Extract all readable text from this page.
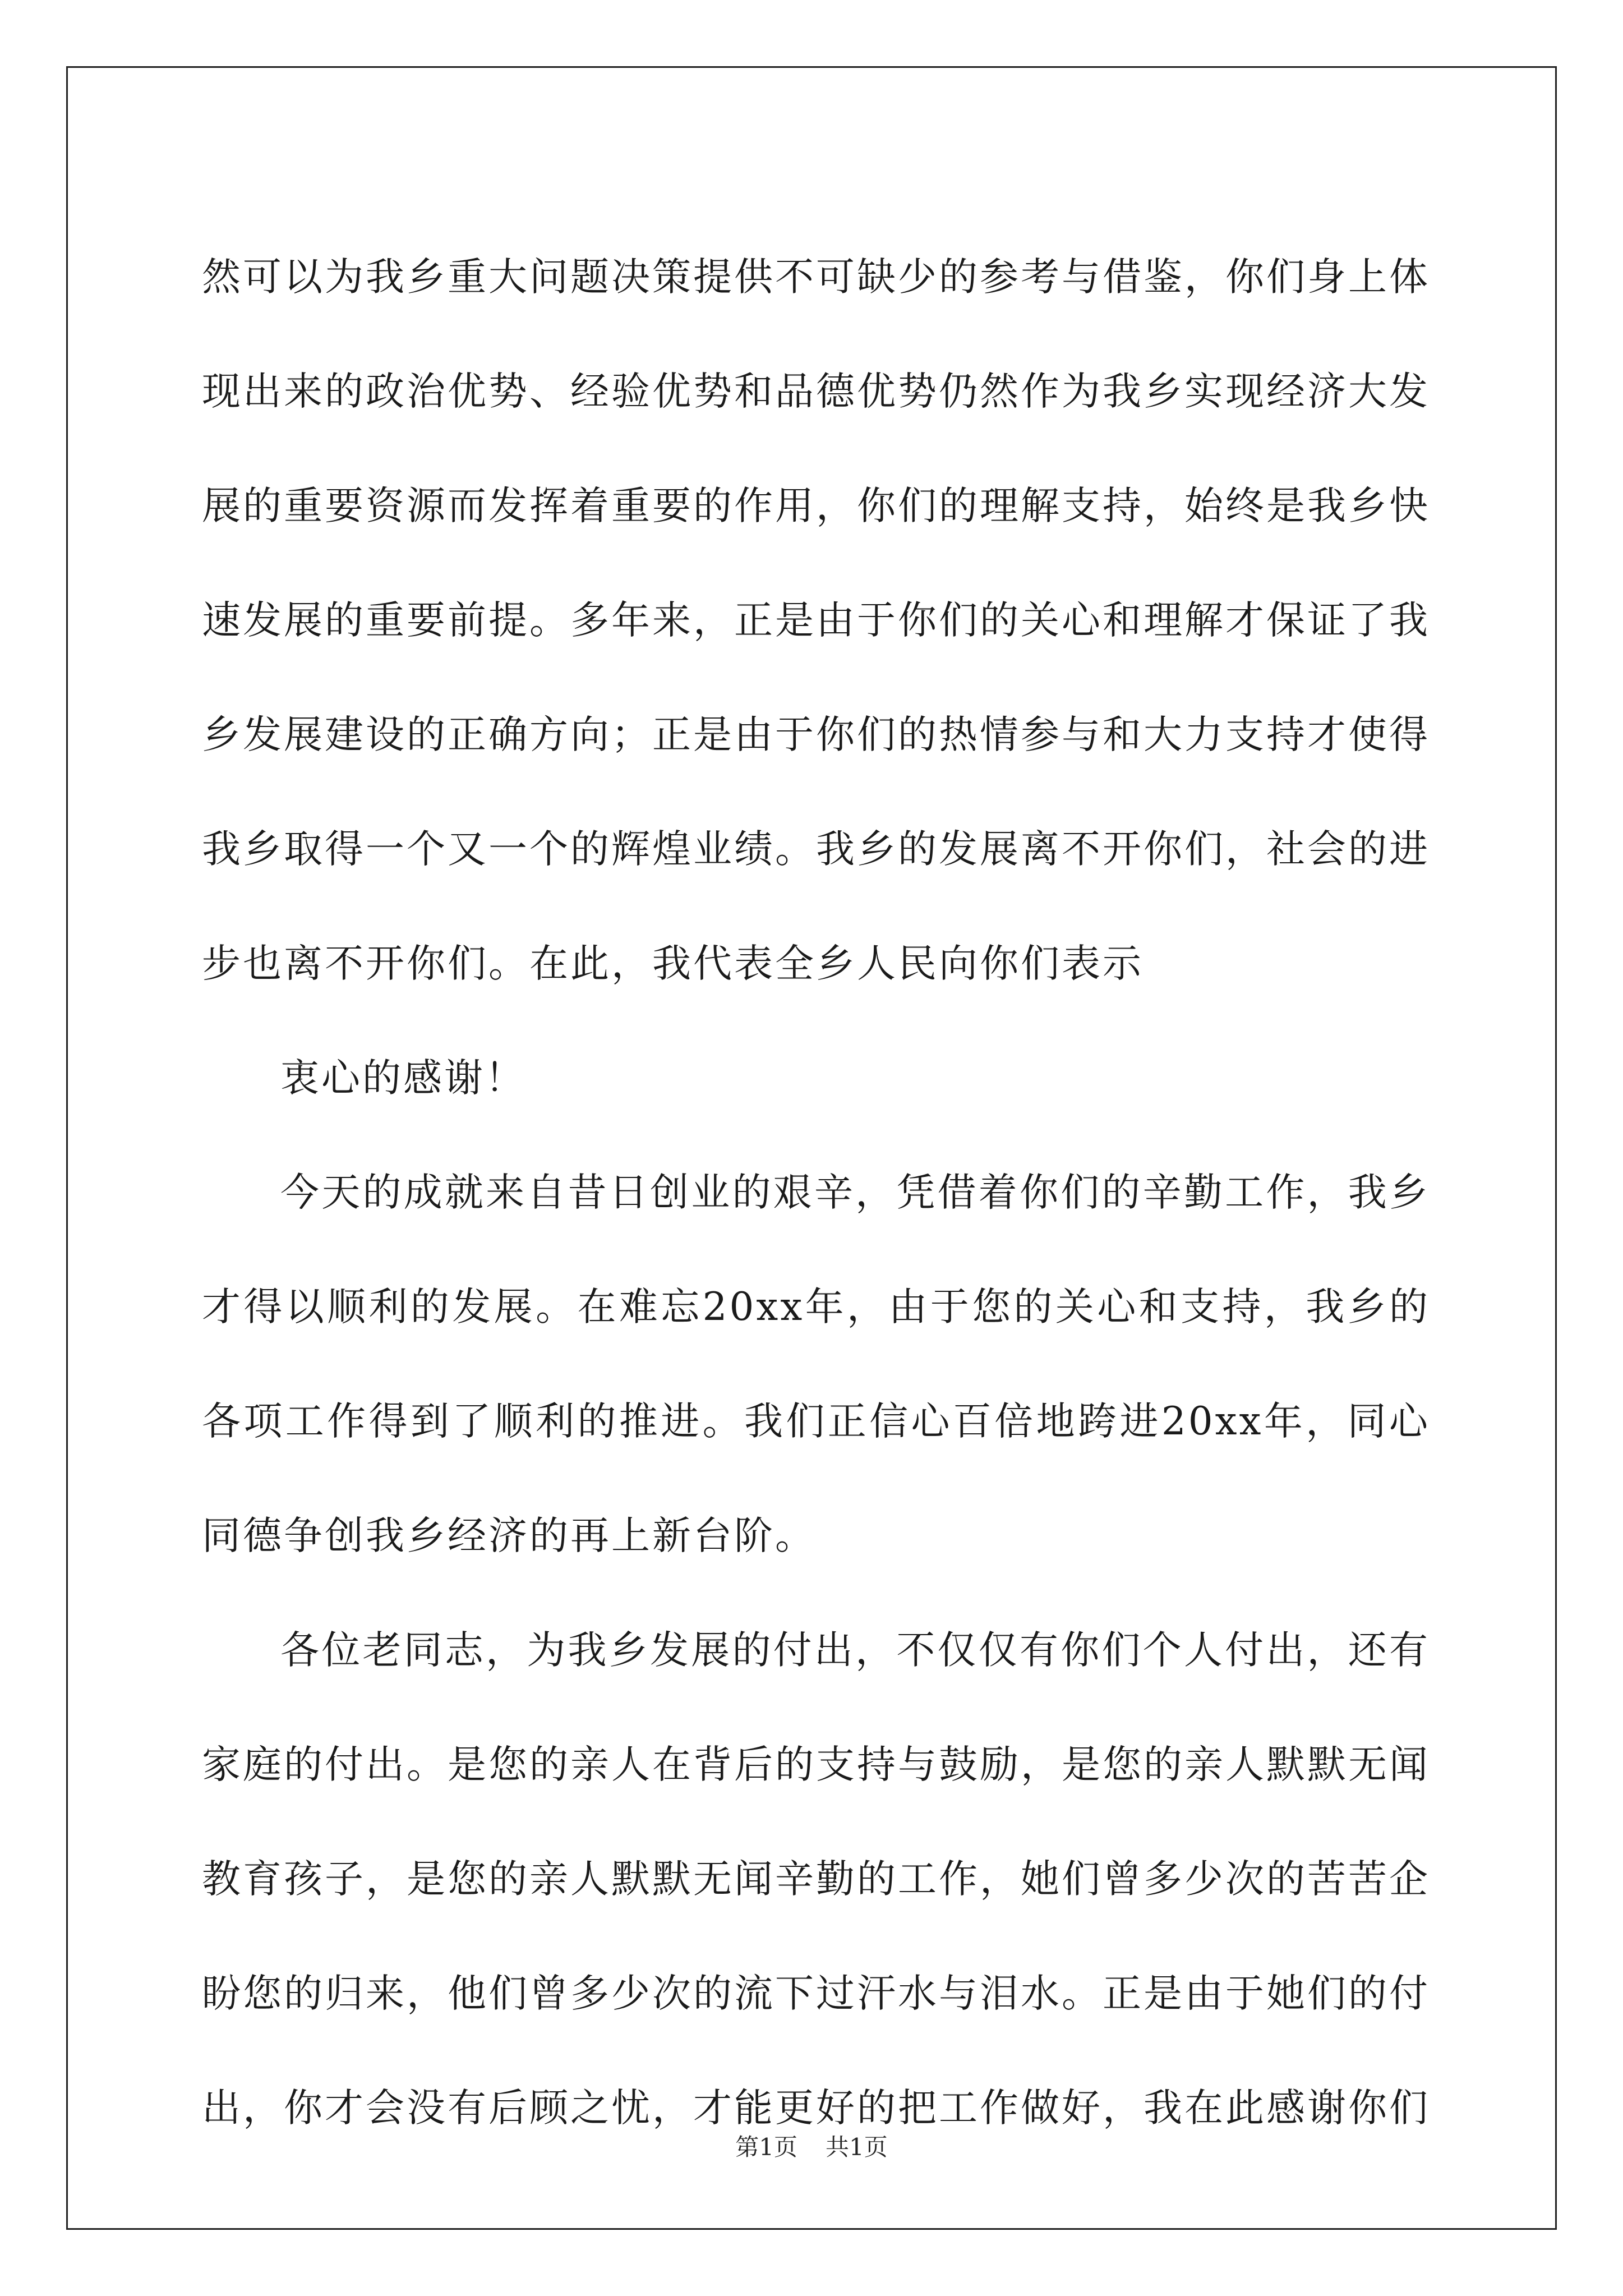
然可以为我乡重大问题决策提供不可缺少的参考与借鉴，你们身上体现出来的政治优势、经验优势和品德优势仍然作为我乡实现经济大发展的重要资源而发挥着重要的作用，你们的理解支持，始终是我乡快速发展的重要前提。多年来，正是由于你们的关心和理解才保证了我乡发展建设的正确方向；正是由于你们的热情参与和大力支持才使得我乡取得一个又一个的辉煌业绩。我乡的发展离不开你们，社会的进步也离不开你们。在此，我代表全乡人民向你们表示

衷心的感谢！

今天的成就来自昔日创业的艰辛，凭借着你们的辛勤工作，我乡才得以顺利的发展。在难忘20xx年，由于您的关心和支持，我乡的各项工作得到了顺利的推进。我们正信心百倍地跨进20xx年，同心同德争创我乡经济的再上新台阶。

各位老同志，为我乡发展的付出，不仅仅有你们个人付出，还有家庭的付出。是您的亲人在背后的支持与鼓励，是您的亲人默默无闻教育孩子，是您的亲人默默无闻辛勤的工作，她们曾多少次的苦苦企盼您的归来，他们曾多少次的流下过汗水与泪水。正是由于她们的付出，你才会没有后顾之忧，才能更好的把工作做好，我在此感谢你们

第1页 共1页
